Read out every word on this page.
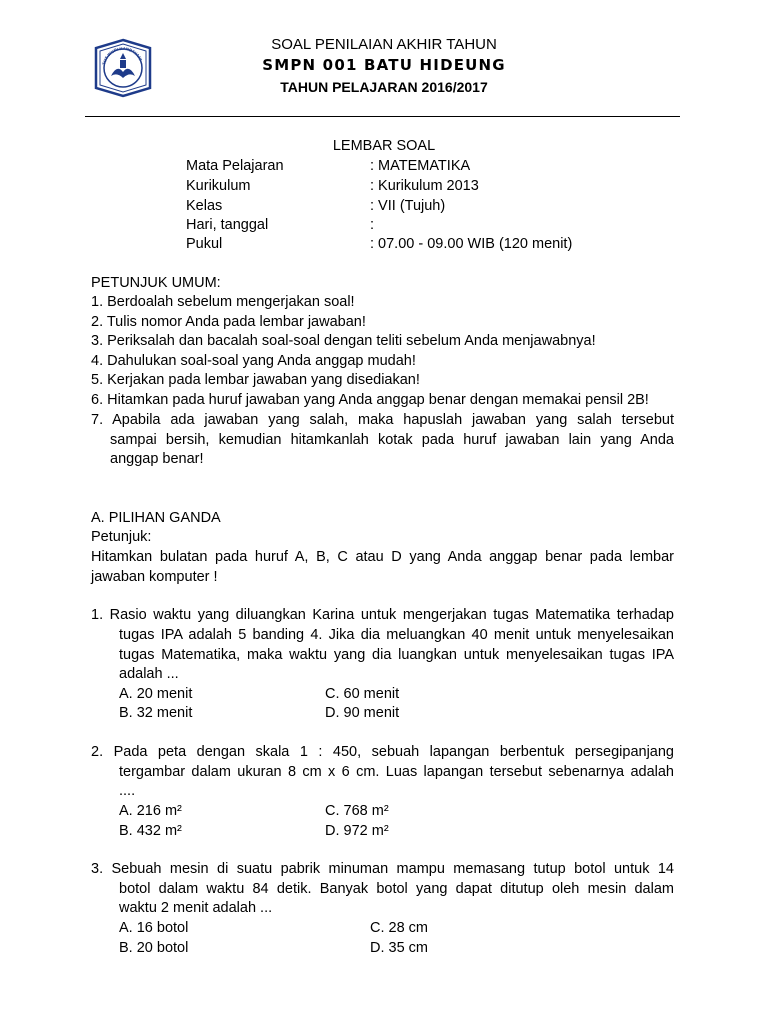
TUT WURI HANDAYANI
SOAL PENILAIAN AKHIR TAHUN
SMPN 001 BATU HIDEUNG
TAHUN PELAJARAN 2016/2017
LEMBAR SOAL
Mata Pelajaran	: MATEMATIKA
Kurikulum	: Kurikulum 2013
Kelas	: VII (Tujuh)
Hari, tanggal	:
Pukul	: 07.00 - 09.00 WIB (120 menit)
PETUNJUK UMUM:
1. Berdoalah sebelum mengerjakan soal!
2. Tulis nomor Anda pada lembar jawaban!
3. Periksalah dan bacalah soal-soal dengan teliti sebelum Anda menjawabnya!
4. Dahulukan soal-soal yang Anda anggap mudah!
5. Kerjakan pada lembar jawaban yang disediakan!
6. Hitamkan pada huruf jawaban yang Anda anggap benar dengan memakai pensil 2B!
7. Apabila ada jawaban yang salah, maka hapuslah jawaban yang salah tersebut
sampai bersih, kemudian hitamkanlah kotak pada huruf jawaban lain yang Anda
anggap benar!
A. PILIHAN GANDA
Petunjuk:
Hitamkan bulatan pada huruf A, B, C atau D yang Anda anggap benar pada lembar
jawaban komputer !
1. Rasio waktu yang diluangkan Karina untuk mengerjakan tugas Matematika terhadap
tugas IPA adalah 5 banding 4. Jika dia meluangkan 40 menit untuk menyelesaikan
tugas Matematika, maka waktu yang dia luangkan untuk menyelesaikan tugas IPA
adalah ...
A. 20 menit	C. 60 menit
B. 32 menit	D. 90 menit
2. Pada peta dengan skala 1 : 450, sebuah lapangan berbentuk persegipanjang
tergambar dalam ukuran 8 cm x 6 cm. Luas lapangan tersebut sebenarnya adalah
....
A. 216 m²	C. 768 m²
B. 432 m²	D. 972 m²
3. Sebuah mesin di suatu pabrik minuman mampu memasang tutup botol untuk 14
botol dalam waktu 84 detik. Banyak botol yang dapat ditutup oleh mesin dalam
waktu 2 menit adalah ...
A. 16 botol	C. 28 cm
B. 20 botol	D. 35 cm
